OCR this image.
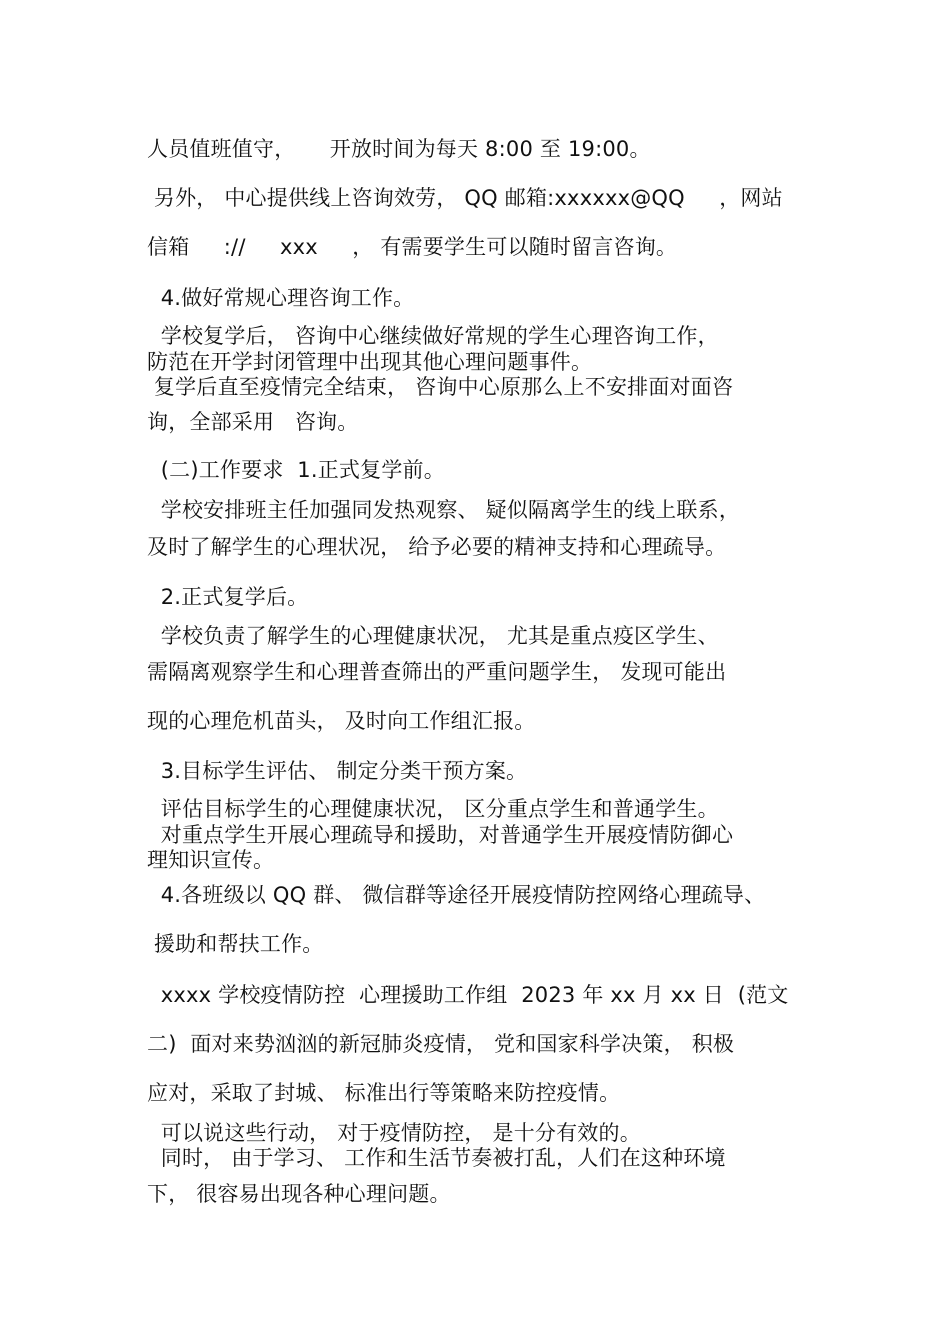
人员值班值守，     开放时间为每天 8:00 至 19:00。
另外， 中心提供线上咨询效劳， QQ 邮箱:xxxxxx@QQ     ，网站
信箱     ://     xxx     ， 有需要学生可以随时留言咨询。
4.做好常规心理咨询工作。
学校复学后， 咨询中心继续做好常规的学生心理咨询工作，
防范在开学封闭管理中出现其他心理问题事件。
复学后直至疫情完全结束， 咨询中心原那么上不安排面对面咨
询，全部采用   咨询。
(二)工作要求  1.正式复学前。
学校安排班主任加强同发热观察、 疑似隔离学生的线上联系，
及时了解学生的心理状况， 给予必要的精神支持和心理疏导。
2.正式复学后。
学校负责了解学生的心理健康状况， 尤其是重点疫区学生、
需隔离观察学生和心理普查筛出的严重问题学生， 发现可能出
现的心理危机苗头， 及时向工作组汇报。
3.目标学生评估、 制定分类干预方案。
评估目标学生的心理健康状况， 区分重点学生和普通学生。
对重点学生开展心理疏导和援助，对普通学生开展疫情防御心
理知识宣传。
4.各班级以 QQ 群、 微信群等途径开展疫情防控网络心理疏导、
援助和帮扶工作。
xxxx 学校疫情防控  心理援助工作组  2023 年 xx 月 xx 日  (范文
二)  面对来势汹汹的新冠肺炎疫情， 党和国家科学决策， 积极
应对，采取了封城、 标准出行等策略来防控疫情。
可以说这些行动， 对于疫情防控， 是十分有效的。
同时， 由于学习、 工作和生活节奏被打乱，人们在这种环境
下， 很容易出现各种心理问题。
